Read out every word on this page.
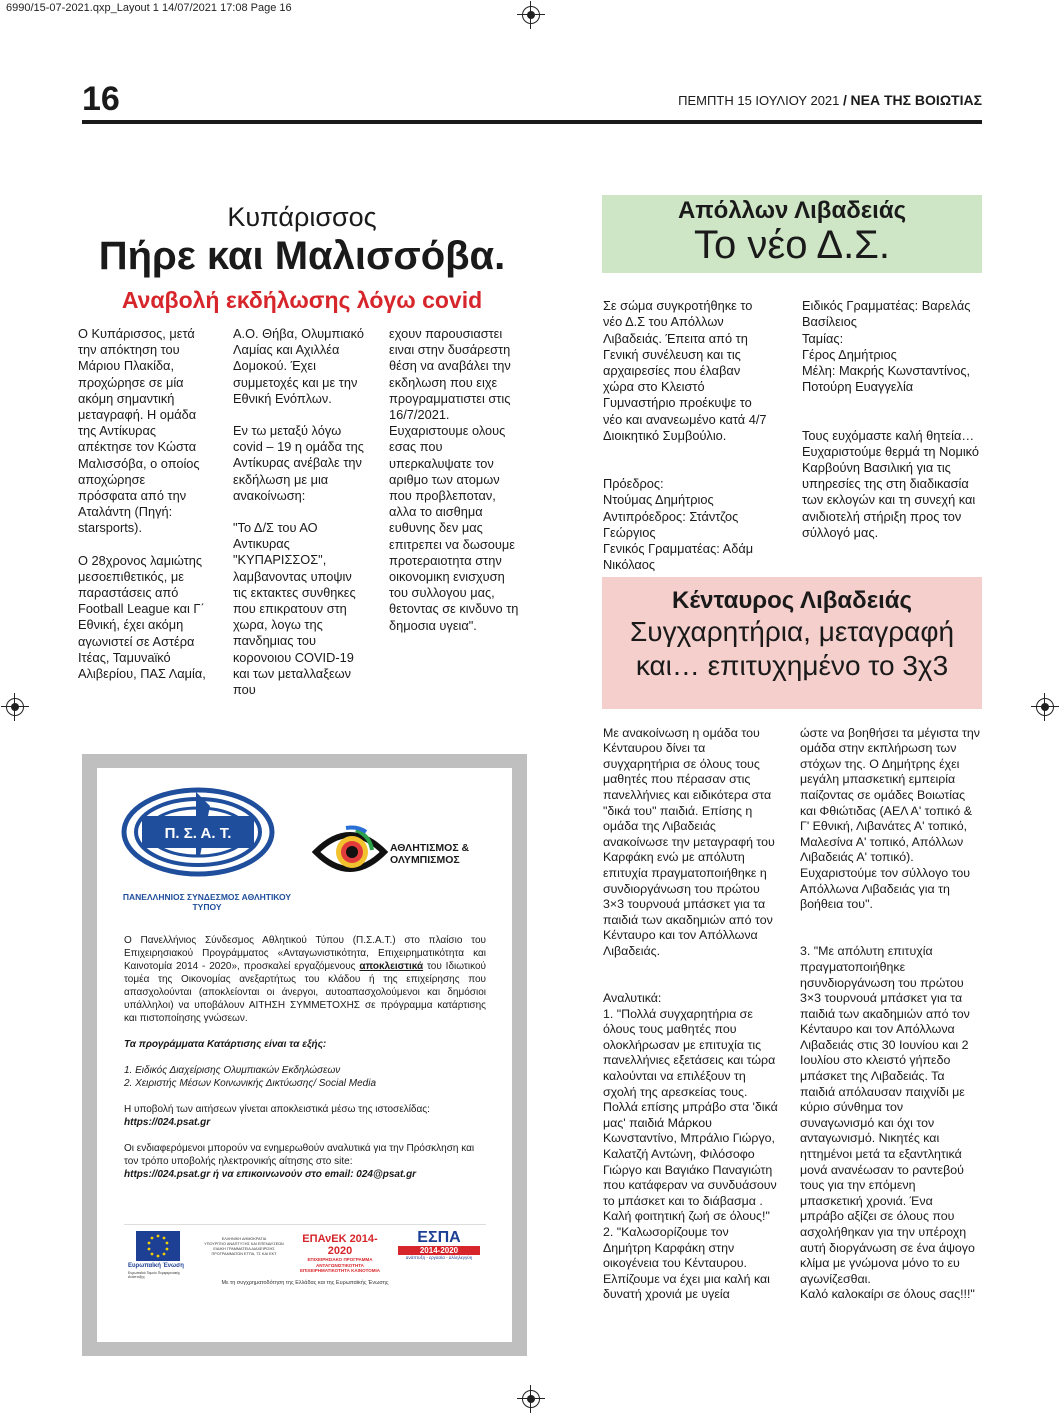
6990/15-07-2021.qxp_Layout 1 14/07/2021 17:08 Page 16
16	ΠΕΜΠΤΗ 15 ΙΟΥΛΙΟΥ 2021 / ΝΕΑ ΤΗΣ ΒΟΙΩΤΙΑΣ
Κυπάρισσος
Πήρε και Μαλισσόβα.
Αναβολή εκδήλωσης λόγω covid

Ο Κυπάρισσος, μετά την απόκτηση του Μάριου Πλακίδα, προχώρησε σε μία ακόμη σημαντική μεταγραφή. Η ομάδα της Αντίκυρας απέκτησε τον Κώστα Μαλισσόβα, ο οποίος αποχώρησε πρόσφατα από την Αταλάντη (Πηγή: starsports).

Ο 28χρονος λαμιώτης μεσοεπιθετικός, με παραστάσεις από Football League και Γ΄ Εθνική, έχει ακόμη αγωνιστεί σε Αστέρα Ιτέας, Ταμυνaϊκό Αλιβερίου, ΠΑΣ Λαμία,

Α.Ο. Θήβα, Ολυμπιακό Λαμίας και Αχιλλέα Δομοκού. Έχει συμμετοχές και με την Εθνική Ενόπλων.

Εν τω μεταξύ λόγω covid – 19 η ομάδα της Αντίκυρας ανέβαλε την εκδήλωση με μια ανακοίνωση:

"Το Δ/Σ του ΑΟ Αντικυρας "ΚΥΠΑΡΙΣΣΟΣ", λαμβανοντας υποψιν τις εκτακτες συνθηκες που επικρατουν στη χωρα, λογω της πανδημιας του κορονοιου COVID-19 και των μεταλλαξεων που

εχουν παρουσιαστει ειναι στην δυσάρεστη θέση να αναβάλει την εκδηλωση που ειχε προγραμματιστει στις 16/7/2021. Ευχαριστουμε ολους εσας που υπερκαλυψατε τον αριθμο των ατομων που προβλεποταν, αλλα το αισθημα ευθυνης δεν μας επιτρεπει να δωσουμε προτεραιοτητα στην οικονομικη ενισχυση του συλλογου μας, θετοντας σε κινδυνο τη δημοσια υγεια".

Απόλλων Λιβαδειάς
Το νέο Δ.Σ.

Σε σώμα συγκροτήθηκε το νέο Δ.Σ του Απόλλων Λιβαδειάς. Έπειτα από τη Γενική συνέλευση και τις αρχαιρεσίες που έλαβαν χώρα στο Κλειστό Γυμναστήριο προέκυψε το νέο και ανανεωμένο κατά 4/7 Διοικητικό Συμβούλιο.

Πρόεδρος:
Ντούμας Δημήτριος
Αντιπρόεδρος: Στάντζος Γεώργιος
Γενικός Γραμματέας: Αδάμ Νικόλαος

Ειδικός Γραμματέας: Βαρελάς Βασίλειος
Ταμίας:
Γέρος Δημήτριος
Μέλη: Μακρής Κωνσταντίνος, Ποτούρη Ευαγγελία

Τους ευχόμαστε καλή θητεία…
Ευχαριστούμε θερμά τη Νομικό Καρβούνη Βασιλική για τις υπηρεσίες της στη διαδικασία των εκλογών και τη συνεχή και ανιδιοτελή στήριξη προς τον σύλλογό μας.

Κένταυρος Λιβαδειάς
Συγχαρητήρια, μεταγραφή
και… επιτυχημένο το 3χ3

Με ανακοίνωση η ομάδα του Κένταυρου δίνει τα συγχαρητήρια σε όλους τους μαθητές που πέρασαν στις πανελλήνιες και ειδικότερα στα "δικά του" παιδιά. Επίσης η ομάδα της Λιβαδειάς ανακοίνωσε την μεταγραφή του Καρφάκη ενώ με απόλυτη επιτυχία πραγματοποιήθηκε η συνδιοργάνωση του πρώτου 3×3 τουρνουά μπάσκετ για τα παιδιά των ακαδημιών από τον Κένταυρο και τον Απόλλωνα Λιβαδειάς.

Αναλυτικά:
1. "Πολλά συγχαρητήρια σε όλους τους μαθητές που ολοκλήρωσαν με επιτυχία τις πανελλήνιες εξετάσεις και τώρα καλούνται να επιλέξουν τη σχολή της αρεσκείας τους.
Πολλά επίσης μπράβο στα 'δικά μας' παιδιά Μάρκου Κωνσταντίνο, Μπράλιο Γιώργο, Καλατζή Αντώνη, Φιλόσοφο Γιώργο και Βαγιάκο Παναγιώτη που κατάφεραν να συνδυάσουν το μπάσκετ και το διάβασμα .
Καλή φοιτητική ζωή σε όλους!"
2. "Καλωσορίζουμε τον Δημήτρη Καρφάκη στην οικογένεια του Κένταυρου.
Ελπίζουμε να έχει μια καλή και δυνατή χρονιά με υγεία

ώστε να βοηθήσει τα μέγιστα την ομάδα στην εκπλήρωση των στόχων της. Ο Δημήτρης έχει μεγάλη μπασκετική εμπειρία παίζοντας σε ομάδες Βοιωτίας και Φθιώτιδας (ΑΕΛ Α' τοπικό & Γ' Εθνική, Λιβανάτες Α' τοπικό, Μαλεσίνα Α' τοπικό, Απόλλων Λιβαδειάς Α' τοπικό). Ευχαριστούμε τον σύλλογο του Απόλλωνα Λιβαδειάς για τη βοήθεια του".

3. "Με απόλυτη επιτυχία πραγματοποιήθηκε ησυνδιοργάνωση του πρώτου 3×3 τουρνουά μπάσκετ για τα παιδιά των ακαδημιών από τον Κένταυρο και τον Απόλλωνα Λιβαδειάς στις 30 Ιουνίου και 2 Ιουλίου στο κλειστό γήπεδο μπάσκετ της Λιβαδειάς. Τα παιδιά απόλαυσαν παιχνίδι με κύριο σύνθημα τον συναγωνισμό και όχι τον ανταγωνισμό. Νικητές και ηττημένοι μετά τα εξαντλητικά μονά ανανέωσαν το ραντεβού τους για την επόμενη μπασκετική χρονιά. Ένα μπράβο αξίζει σε όλους που ασχολήθηκαν για την υπέροχη αυτή διοργάνωση σε ένα άψογο κλίμα με γνώμονα μόνο το ευ αγωνίζεσθαι.
Καλό καλοκαίρι σε όλους σας!!!"

Π. Σ. Α. Τ.
ΠΑΝΕΛΛΗΝΙΟΣ ΣΥΝΔΕΣΜΟΣ ΑΘΛΗΤΙΚΟΥ ΤΥΠΟΥ
ΑΘΛΗΤΙΣΜΟΣ &
ΟΛΥΜΠΙΣΜΟΣ

Ο Πανελλήνιος Σύνδεσμος Αθλητικού Τύπου (Π.Σ.Α.Τ.) στο πλαίσιο του Επιχειρησιακού Προγράμματος «Ανταγωνιστικότητα, Επιχειρηματικότητα και Καινοτομία 2014 - 2020», προσκαλεί εργαζόμενους αποκλειστικά του Ιδιωτικού τομέα της Οικονομίας ανεξαρτήτως του κλάδου ή της επιχείρησης που απασχολούνται (αποκλείονται οι άνεργοι, αυτοαπασχολούμενοι και δημόσιοι υπάλληλοι) να υποβάλουν ΑΙΤΗΣΗ ΣΥΜΜΕΤΟΧΗΣ σε πρόγραμμα κατάρτισης και πιστοποίησης γνώσεων.

Τα προγράμματα Κατάρτισης είναι τα εξής:

1. Ειδικός Διαχείρισης Ολυμπιακών Εκδηλώσεων

2. Χειριστής Μέσων Κοινωνικής Δικτύωσης/ Social Media

Η υποβολή των αιτήσεων γίνεται αποκλειστικά μέσω της ιστοσελίδας:

https://024.psat.gr

Οι ενδιαφερόμενοι μπορούν να ενημερωθούν αναλυτικά για την Πρόσκληση και τον τρόπο υποβολής ηλεκτρονικής αίτησης στο site:

https://024.psat.gr ή να επικοινωνούν στο email: 024@psat.gr

Ευρωπαϊκή Ένωση
Ευρωπαϊκό Ταμείο Περιφερειακής Ανάπτυξης
ΕΛΛΗΝΙΚΗ ΔΗΜΟΚΡΑΤΙΑ
ΥΠΟΥΡΓΕΙΟ ΑΝΑΠΤΥΞΗΣ ΚΑΙ ΕΠΕΝΔΥΣΕΩΝ
ΕΙΔΙΚΗ ΓΡΑΜΜΑΤΕΙΑ ΔΙΑΧΕΙΡΙΣΗΣ ΠΡΟΓΡΑΜΜΑΤΩΝ ΕΤΠΑ, ΤΣ ΚΑΙ ΕΚΤ
ΕΠΑνΕΚ 2014-2020
ΕΠΙΧΕΙΡΗΣΙΑΚΟ ΠΡΟΓΡΑΜΜΑ ΑΝΤΑΓΩΝΙΣΤΙΚΟΤΗΤΑ ΕΠΙΧΕΙΡΗΜΑΤΙΚΟΤΗΤΑ ΚΑΙΝΟΤΟΜΙΑ
ΕΣΠΑ
2014-2020
ανάπτυξη - εργασία - αλληλεγγύη
Με τη συγχρηματοδότηση της Ελλάδας και της Ευρωπαϊκής Ένωσης
